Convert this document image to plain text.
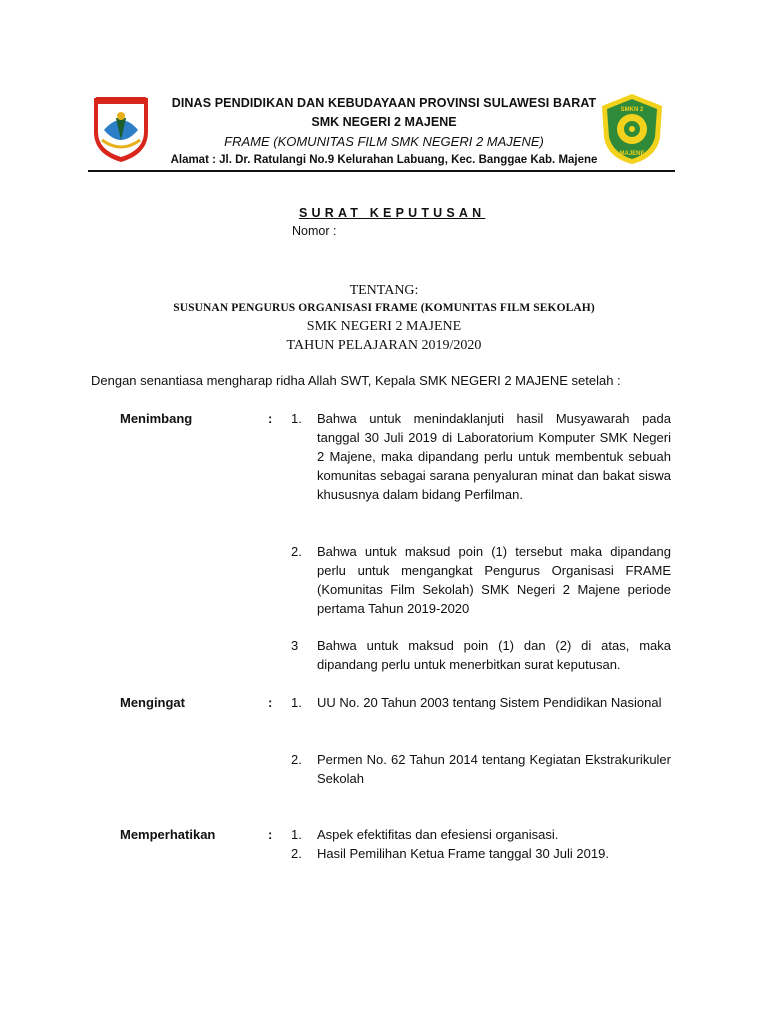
DINAS PENDIDIKAN DAN KEBUDAYAAN PROVINSI SULAWESI BARAT
SMK NEGERI 2 MAJENE
FRAME (KOMUNITAS FILM SMK NEGERI 2 MAJENE)
Alamat : Jl. Dr. Ratulangi No.9 Kelurahan Labuang, Kec. Banggae Kab. Majene
SMKN 2
MAJENE
SURAT KEPUTUSAN
Nomor :
TENTANG:
SUSUNAN PENGURUS ORGANISASI FRAME (KOMUNITAS FILM SEKOLAH)
SMK NEGERI 2 MAJENE
TAHUN PELAJARAN 2019/2020
Dengan senantiasa mengharap ridha Allah SWT, Kepala SMK NEGERI 2 MAJENE setelah :
Menimbang	: 1. Bahwa untuk menindaklanjuti hasil Musyawarah pada tanggal 30 Juli 2019 di Laboratorium Komputer SMK Negeri 2 Majene, maka dipandang perlu untuk membentuk sebuah komunitas sebagai sarana penyaluran minat dan bakat siswa khususnya dalam bidang Perfilman.
2. Bahwa untuk maksud poin (1) tersebut maka dipandang perlu untuk mengangkat Pengurus Organisasi FRAME (Komunitas Film Sekolah) SMK Negeri 2 Majene periode pertama Tahun 2019-2020
3 Bahwa untuk maksud poin (1) dan (2) di atas, maka dipandang perlu untuk menerbitkan surat keputusan.
Mengingat	: 1. UU No. 20 Tahun 2003 tentang Sistem Pendidikan Nasional
2. Permen No. 62 Tahun 2014 tentang Kegiatan Ekstrakurikuler Sekolah
Memperhatikan	: 1. Aspek efektifitas dan efesiensi organisasi.
2. Hasil Pemilihan Ketua Frame tanggal 30 Juli 2019.
